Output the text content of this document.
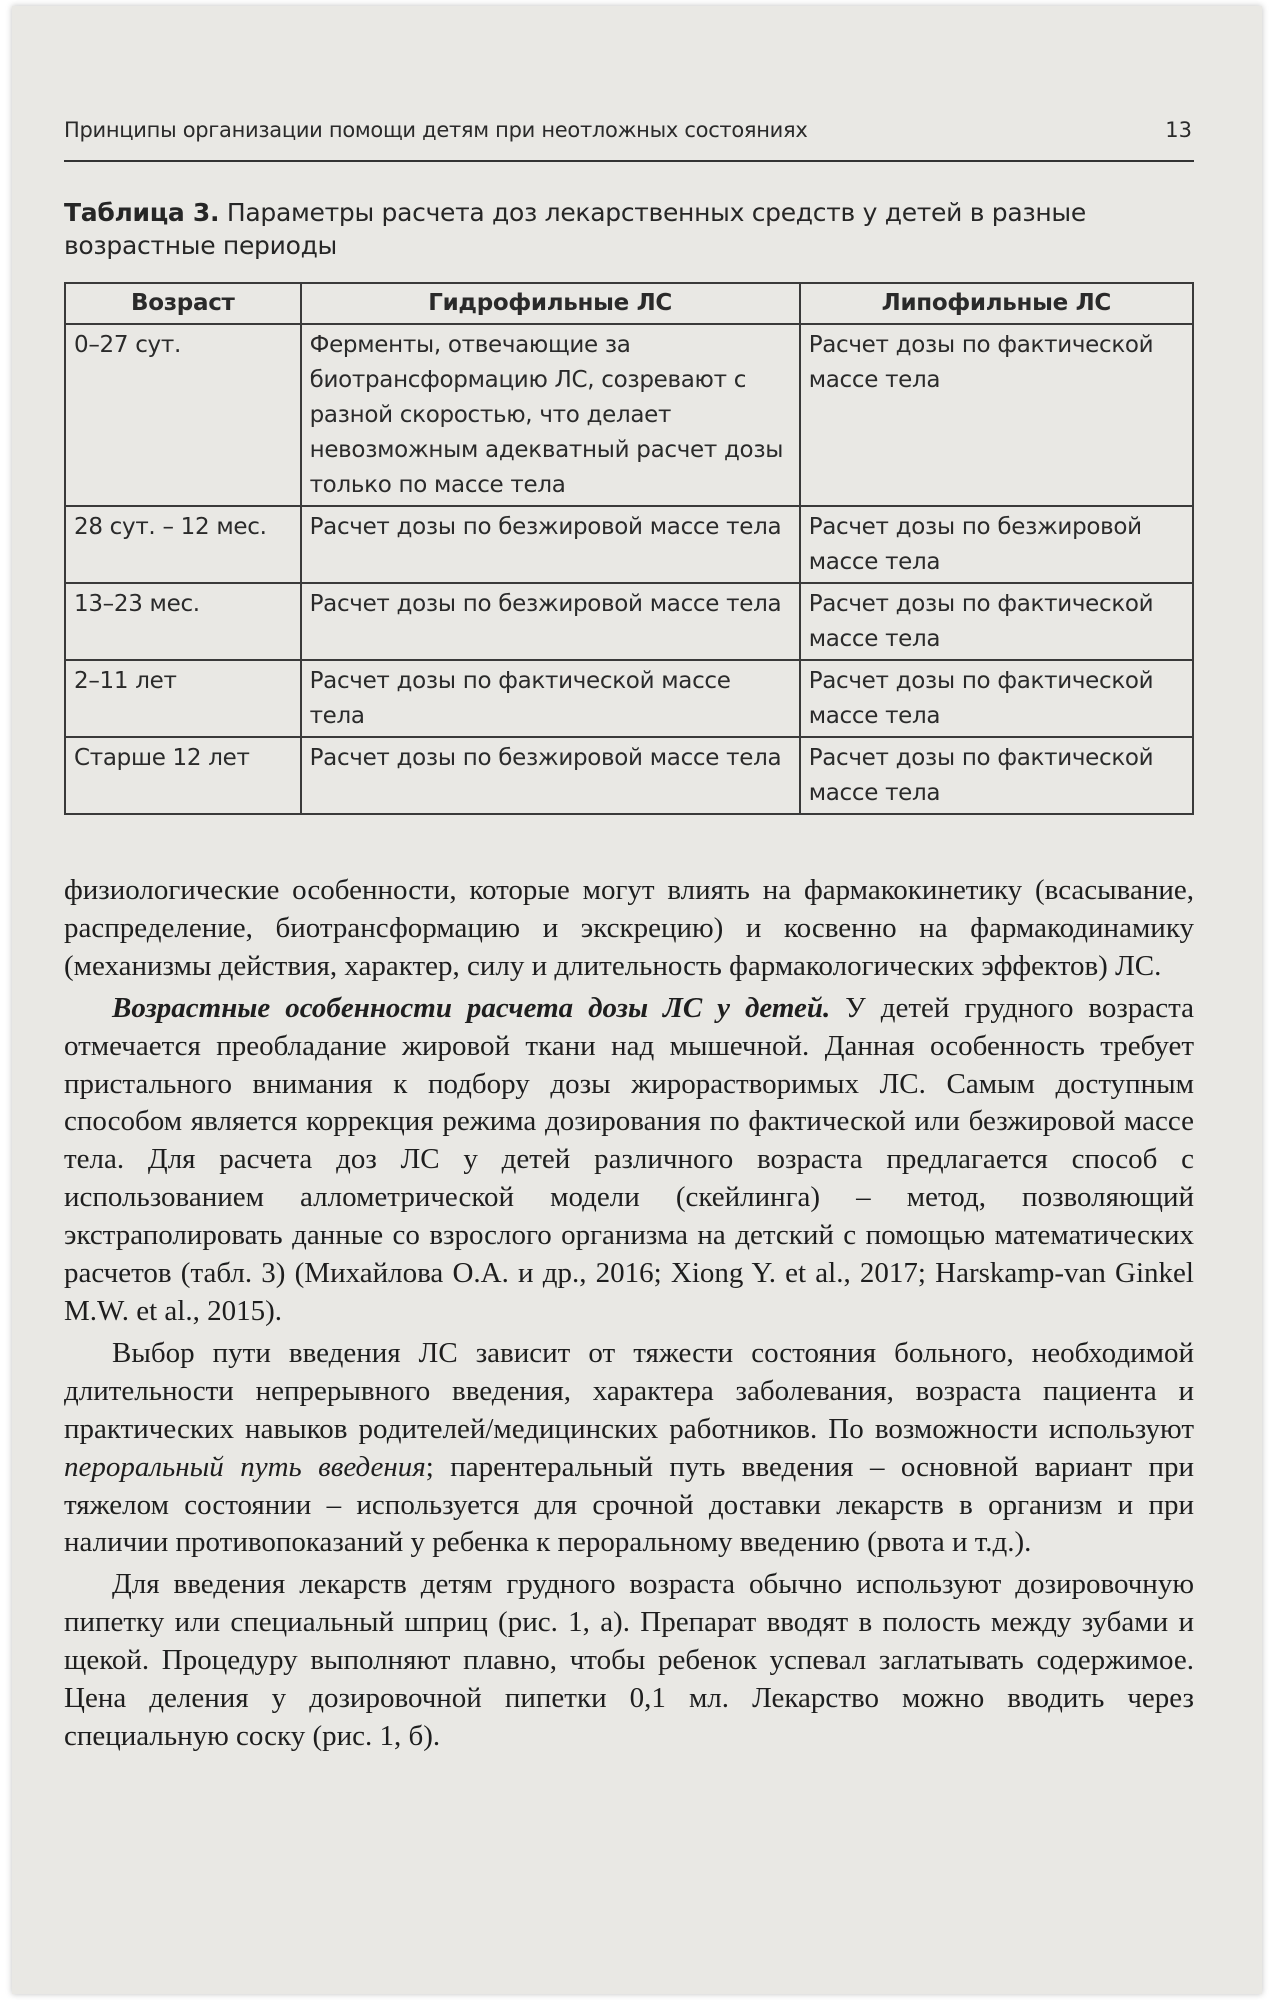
Принципы организации помощи детям при неотложных состояниях	13
Таблица 3. Параметры расчета доз лекарственных средств у детей в разные возрастные периоды
Возраст	Гидрофильные ЛС	Липофильные ЛС
0–27 сут.	Ферменты, отвечающие за биотрансформацию ЛС, созревают с разной скоростью, что делает невозможным адекватный расчет дозы только по массе тела	Расчет дозы по фактической массе тела
28 сут. – 12 мес.	Расчет дозы по безжировой массе тела	Расчет дозы по безжировой массе тела
13–23 мес.	Расчет дозы по безжировой массе тела	Расчет дозы по фактической массе тела
2–11 лет	Расчет дозы по фактической массе тела	Расчет дозы по фактической массе тела
Старше 12 лет	Расчет дозы по безжировой массе тела	Расчет дозы по фактической массе тела

физиологические особенности, которые могут влиять на фармакокинетику (всасывание, распределение, биотрансформацию и экскрецию) и косвенно на фармакодинамику (механизмы действия, характер, силу и длительность фармакологических эффектов) ЛС.

Возрастные особенности расчета дозы ЛС у детей. У детей грудного возраста отмечается преобладание жировой ткани над мышечной. Данная особенность требует пристального внимания к подбору дозы жирорастворимых ЛС. Самым доступным способом является коррекция режима дозирования по фактической или безжировой массе тела. Для расчета доз ЛС у детей различного возраста предлагается способ с использованием аллометрической модели (скейлинга) – метод, позволяющий экстраполировать данные со взрослого организма на детский с помощью математических расчетов (табл. 3) (Михайлова О.А. и др., 2016; Xiong Y. et al., 2017; Harskamp-van Ginkel M.W. et al., 2015).

Выбор пути введения ЛС зависит от тяжести состояния больного, необходимой длительности непрерывного введения, характера заболевания, возраста пациента и практических навыков родителей/медицинских работников. По возможности используют пероральный путь введения; парентеральный путь введения – основной вариант при тяжелом состоянии – используется для срочной доставки лекарств в организм и при наличии противопоказаний у ребенка к пероральному введению (рвота и т.д.).

Для введения лекарств детям грудного возраста обычно используют дозировочную пипетку или специальный шприц (рис. 1, а). Препарат вводят в полость между зубами и щекой. Процедуру выполняют плавно, чтобы ребенок успевал заглатывать содержимое. Цена деления у дозировочной пипетки 0,1 мл. Лекарство можно вводить через специальную соску (рис. 1, б).
